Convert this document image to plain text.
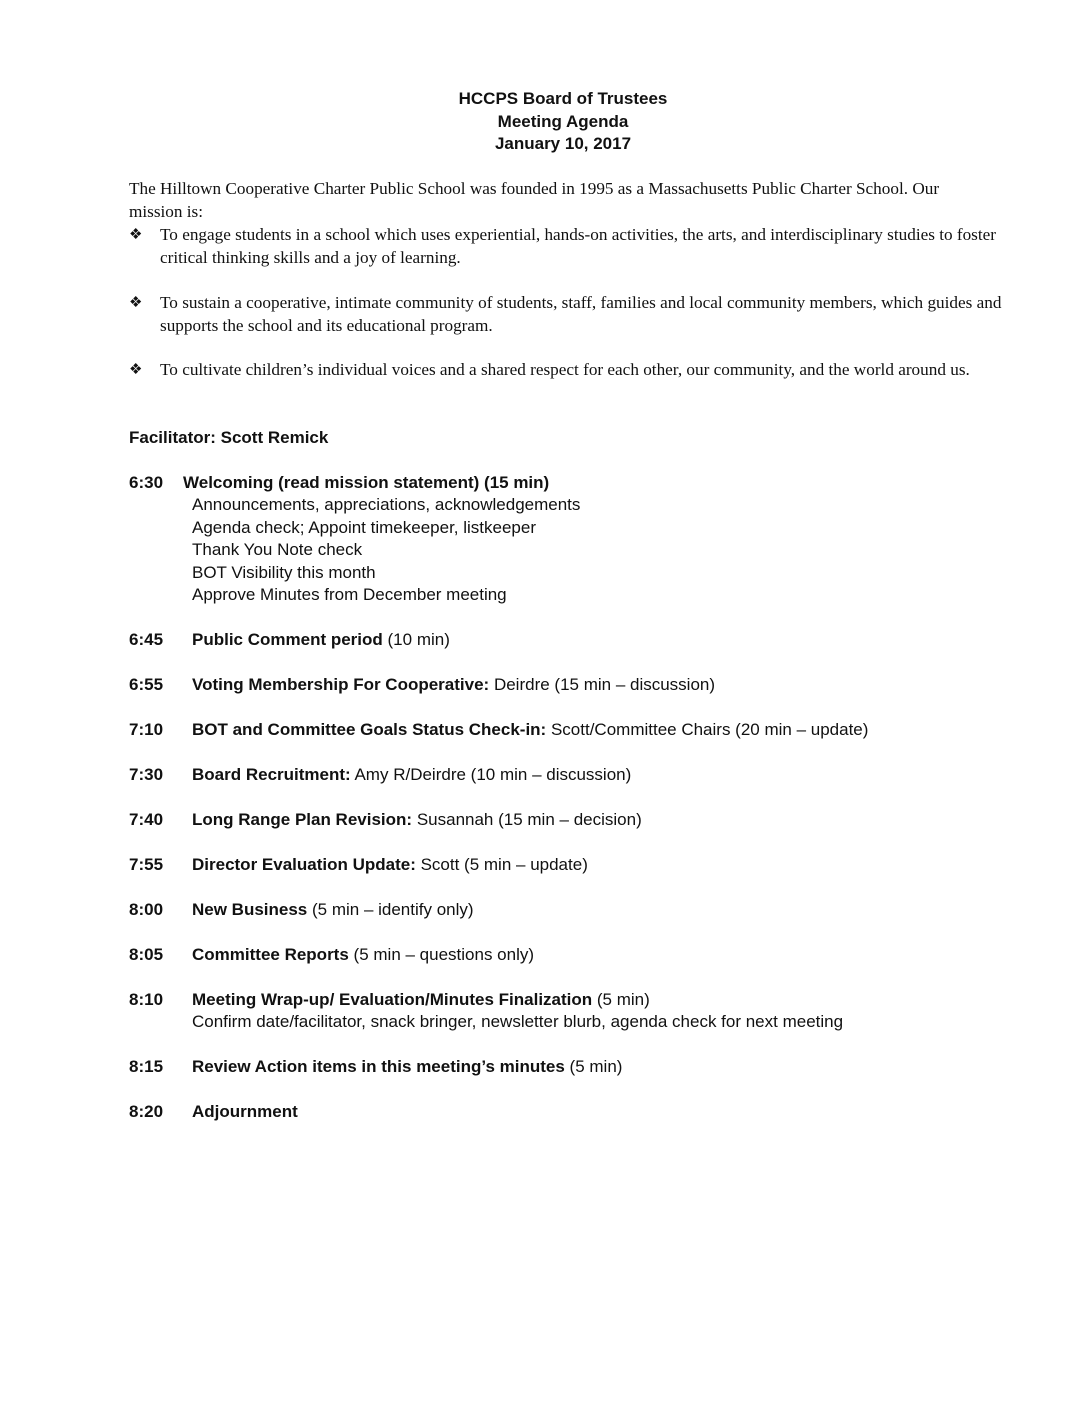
HCCPS Board of Trustees
Meeting Agenda
January 10, 2017
The Hilltown Cooperative Charter Public School was founded in 1995 as a Massachusetts Public Charter School. Our mission is:
❖ To engage students in a school which uses experiential, hands-on activities, the arts, and interdisciplinary studies to foster critical thinking skills and a joy of learning.
❖ To sustain a cooperative, intimate community of students, staff, families and local community members, which guides and supports the school and its educational program.
❖ To cultivate children’s individual voices and a shared respect for each other, our community, and the world around us.
Facilitator: Scott Remick
6:30 Welcoming (read mission statement) (15 min)
Announcements, appreciations, acknowledgements
Agenda check; Appoint timekeeper, listkeeper
Thank You Note check
BOT Visibility this month
Approve Minutes from December meeting
6:45 Public Comment period (10 min)
6:55 Voting Membership For Cooperative: Deirdre (15 min – discussion)
7:10 BOT and Committee Goals Status Check-in: Scott/Committee Chairs (20 min – update)
7:30 Board Recruitment: Amy R/Deirdre (10 min – discussion)
7:40 Long Range Plan Revision: Susannah (15 min – decision)
7:55 Director Evaluation Update: Scott (5 min – update)
8:00 New Business (5 min – identify only)
8:05 Committee Reports (5 min – questions only)
8:10 Meeting Wrap-up/ Evaluation/Minutes Finalization (5 min)
Confirm date/facilitator, snack bringer, newsletter blurb, agenda check for next meeting
8:15 Review Action items in this meeting’s minutes (5 min)
8:20 Adjournment
